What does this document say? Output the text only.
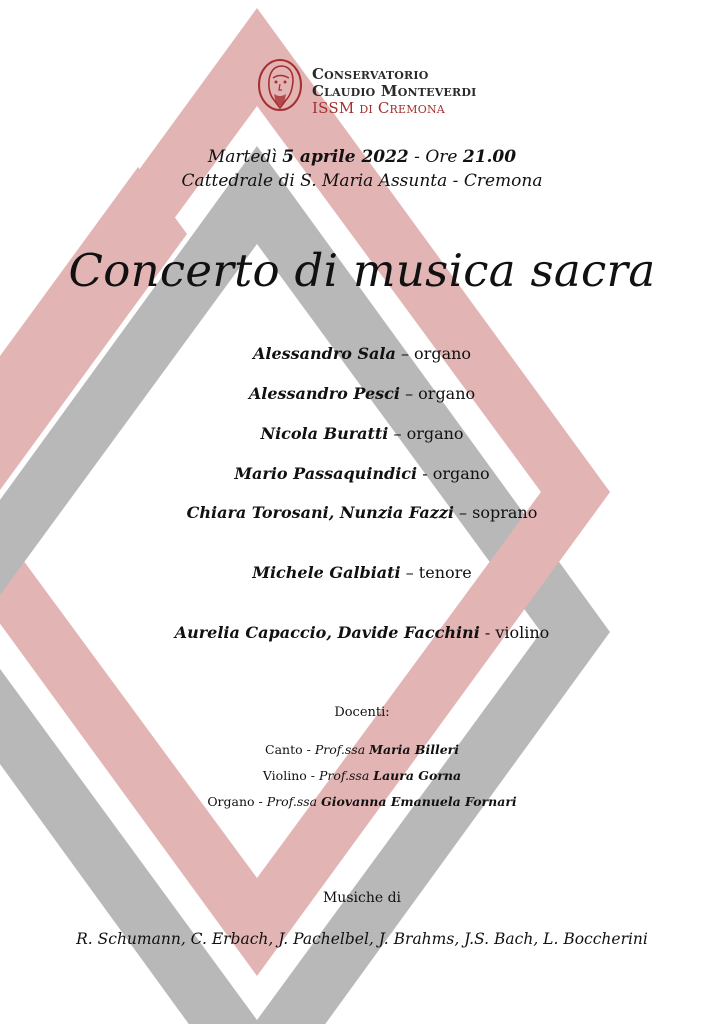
Conservatorio
Claudio Monteverdi
ISSM di Cremona
Martedì 5 aprile 2022 - Ore 21.00
Cattedrale di S. Maria Assunta - Cremona
Concerto di musica sacra
Alessandro Sala – organo
Alessandro Pesci – organo
Nicola Buratti – organo
Mario Passaquindici - organo
Chiara Torosani, Nunzia Fazzi – soprano
Michele Galbiati – tenore
Aurelia Capaccio, Davide Facchini - violino
Docenti:
Canto - Prof.ssa Maria Billeri
Violino - Prof.ssa Laura Gorna
Organo - Prof.ssa Giovanna Emanuela Fornari
Musiche di
R. Schumann, C. Erbach, J. Pachelbel, J. Brahms, J.S. Bach, L. Boccherini
